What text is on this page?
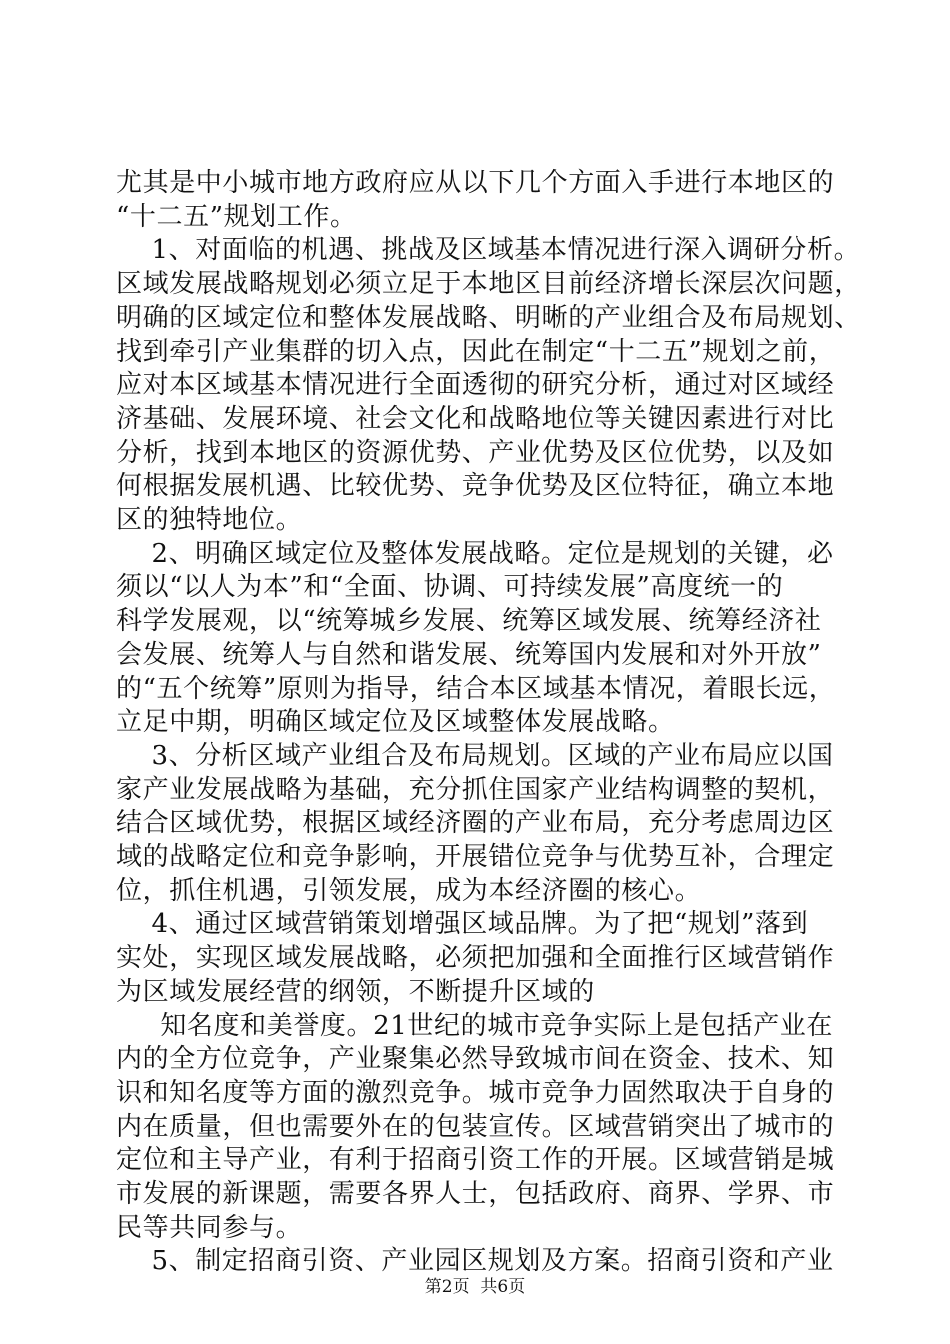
尤其是中小城市地方政府应从以下几个方面入手进行本地区的
“十二五”规划工作。
1、对面临的机遇、挑战及区域基本情况进行深入调研分析。
区域发展战略规划必须立足于本地区目前经济增长深层次问题，
明确的区域定位和整体发展战略、明晰的产业组合及布局规划、
找到牵引产业集群的切入点，因此在制定“十二五”规划之前，
应对本区域基本情况进行全面透彻的研究分析，通过对区域经
济基础、发展环境、社会文化和战略地位等关键因素进行对比
分析，找到本地区的资源优势、产业优势及区位优势，以及如
何根据发展机遇、比较优势、竞争优势及区位特征，确立本地
区的独特地位。
2、明确区域定位及整体发展战略。定位是规划的关键，必
须以“以人为本”和“全面、协调、可持续发展”高度统一的
科学发展观，以“统筹城乡发展、统筹区域发展、统筹经济社
会发展、统筹人与自然和谐发展、统筹国内发展和对外开放”
的“五个统筹”原则为指导，结合本区域基本情况，着眼长远，
立足中期，明确区域定位及区域整体发展战略。
3、分析区域产业组合及布局规划。区域的产业布局应以国
家产业发展战略为基础，充分抓住国家产业结构调整的契机，
结合区域优势，根据区域经济圈的产业布局，充分考虑周边区
域的战略定位和竞争影响，开展错位竞争与优势互补，合理定
位，抓住机遇，引领发展，成为本经济圈的核心。
4、通过区域营销策划增强区域品牌。为了把“规划”落到
实处，实现区域发展战略，必须把加强和全面推行区域营销作
为区域发展经营的纲领，不断提升区域的
知名度和美誉度。21世纪的城市竞争实际上是包括产业在
内的全方位竞争，产业聚集必然导致城市间在资金、技术、知
识和知名度等方面的激烈竞争。城市竞争力固然取决于自身的
内在质量，但也需要外在的包装宣传。区域营销突出了城市的
定位和主导产业，有利于招商引资工作的开展。区域营销是城
市发展的新课题，需要各界人士，包括政府、商界、学界、市
民等共同参与。
5、制定招商引资、产业园区规划及方案。招商引资和产业
第2页  共6页
